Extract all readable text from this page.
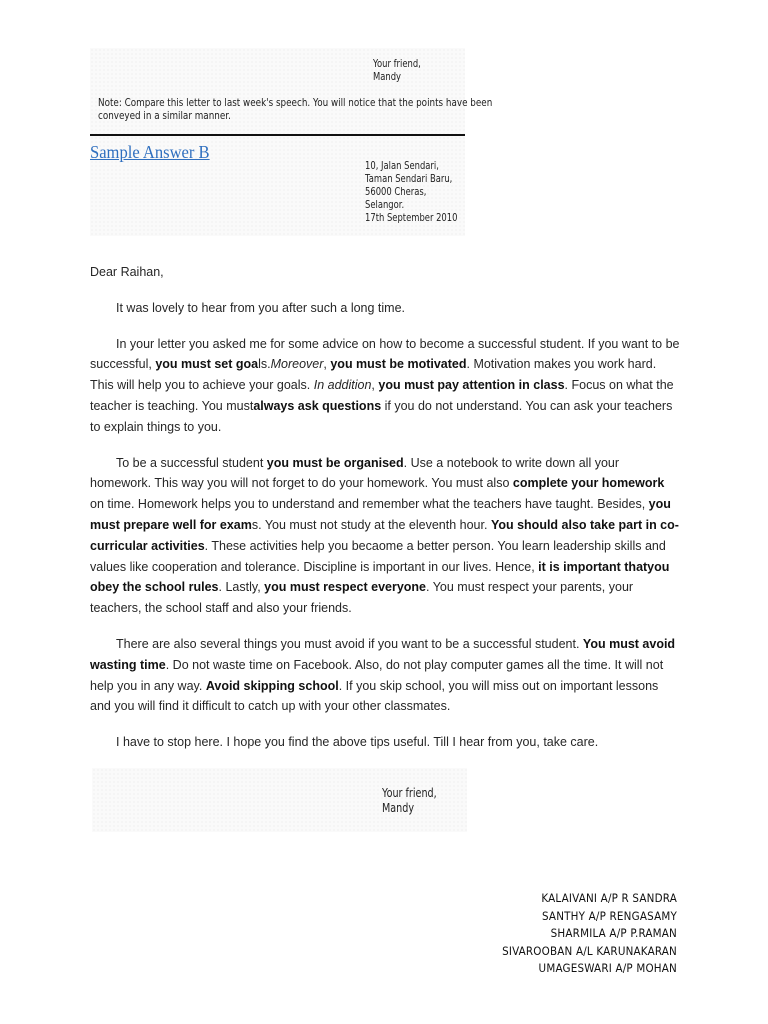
Your friend,
Mandy
Note: Compare this letter to last week's speech. You will notice that the points have been
conveyed in a similar manner.
Sample Answer B
10, Jalan Sendari,
Taman Sendari Baru,
56000 Cheras,
Selangor.
17th September 2010

Dear Raihan,

It was lovely to hear from you after such a long time.

In your letter you asked me for some advice on how to become a successful student. If you want to be successful, you must set goals.Moreover, you must be motivated. Motivation makes you work hard. This will help you to achieve your goals. In addition, you must pay attention in class. Focus on what the teacher is teaching. You mustalways ask questions if you do not understand. You can ask your teachers to explain things to you.

To be a successful student you must be organised. Use a notebook to write down all your homework. This way you will not forget to do your homework. You must also complete your homework on time. Homework helps you to understand and remember what the teachers have taught. Besides, you must prepare well for exams. You must not study at the eleventh hour. You should also take part in co-curricular activities. These activities help you becaome a better person. You learn leadership skills and values like cooperation and tolerance. Discipline is important in our lives. Hence, it is important thatyou obey the school rules. Lastly, you must respect everyone. You must respect your parents, your teachers, the school staff and also your friends.

There are also several things you must avoid if you want to be a successful student. You must avoid wasting time. Do not waste time on Facebook. Also, do not play computer games all the time. It will not help you in any way. Avoid skipping school. If you skip school, you will miss out on important lessons and you will find it difficult to catch up with your other classmates.

I have to stop here. I hope you find the above tips useful. Till I hear from you, take care.

Your friend,
Mandy
KALAIVANI A/P R SANDRA
SANTHY A/P RENGASAMY
SHARMILA A/P P.RAMAN
SIVAROOBAN A/L KARUNAKARAN
UMAGESWARI A/P MOHAN
